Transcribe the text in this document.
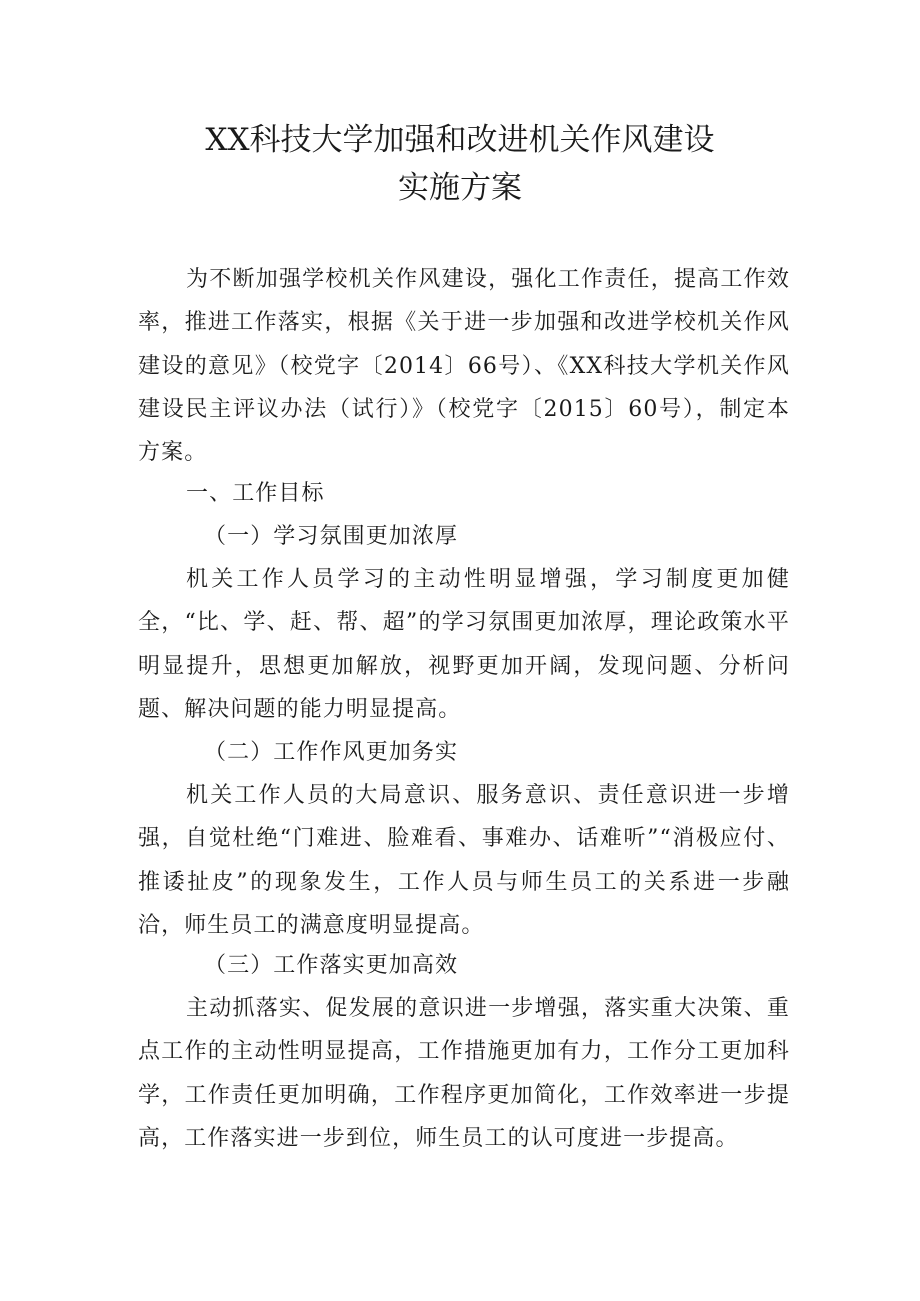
XX科技大学加强和改进机关作风建设
实施方案

为不断加强学校机关作风建设，强化工作责任，提高工作效率，推进工作落实，根据《关于进一步加强和改进学校机关作风建设的意见》（校党字〔2014〕66号）、《XX科技大学机关作风建设民主评议办法（试行）》（校党字〔2015〕60号），制定本方案。

一、工作目标

（一）学习氛围更加浓厚

机关工作人员学习的主动性明显增强，学习制度更加健全，“比、学、赶、帮、超”的学习氛围更加浓厚，理论政策水平明显提升，思想更加解放，视野更加开阔，发现问题、分析问题、解决问题的能力明显提高。

（二）工作作风更加务实

机关工作人员的大局意识、服务意识、责任意识进一步增强，自觉杜绝“门难进、脸难看、事难办、话难听”“消极应付、推诿扯皮”的现象发生，工作人员与师生员工的关系进一步融洽，师生员工的满意度明显提高。

（三）工作落实更加高效

主动抓落实、促发展的意识进一步增强，落实重大决策、重点工作的主动性明显提高，工作措施更加有力，工作分工更加科学，工作责任更加明确，工作程序更加简化，工作效率进一步提高，工作落实进一步到位，师生员工的认可度进一步提高。
